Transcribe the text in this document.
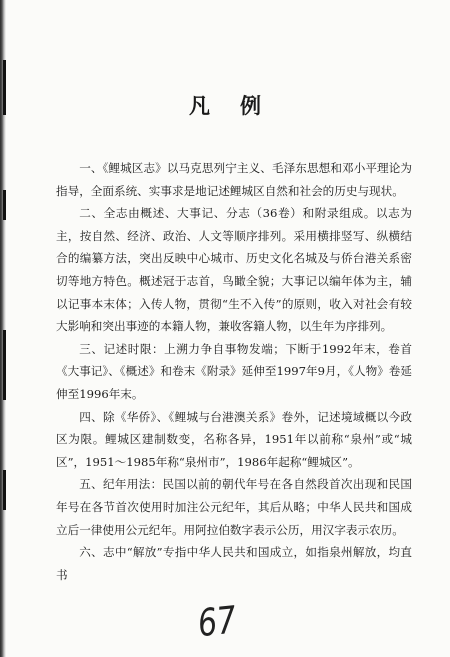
凡例

一、《鲤城区志》以马克思列宁主义、毛泽东思想和邓小平理论为指导，全面系统、实事求是地记述鲤城区自然和社会的历史与现状。

二、全志由概述、大事记、分志（36卷）和附录组成。以志为主，按自然、经济、政治、人文等顺序排列。采用横排竖写、纵横结合的编纂方法，突出反映中心城市、历史文化名城及与侨台港关系密切等地方特色。概述冠于志首，鸟瞰全貌；大事记以编年体为主，辅以记事本末体；入传人物，贯彻“生不入传”的原则，收入对社会有较大影响和突出事迹的本籍人物，兼收客籍人物，以生年为序排列。

三、记述时限：上溯力争自事物发端；下断于1992年末，卷首《大事记》、《概述》和卷末《附录》延伸至1997年9月，《人物》卷延伸至1996年末。

四、除《华侨》、《鲤城与台港澳关系》卷外，记述境域概以今政区为限。鲤城区建制数变，名称各异，1951年以前称“泉州”或“城区”，1951～1985年称“泉州市”，1986年起称“鲤城区”。

五、纪年用法：民国以前的朝代年号在各自然段首次出现和民国年号在各节首次使用时加注公元纪年，其后从略；中华人民共和国成立后一律使用公元纪年。用阿拉伯数字表示公历，用汉字表示农历。

六、志中“解放”专指中华人民共和国成立，如指泉州解放，均直书

67
